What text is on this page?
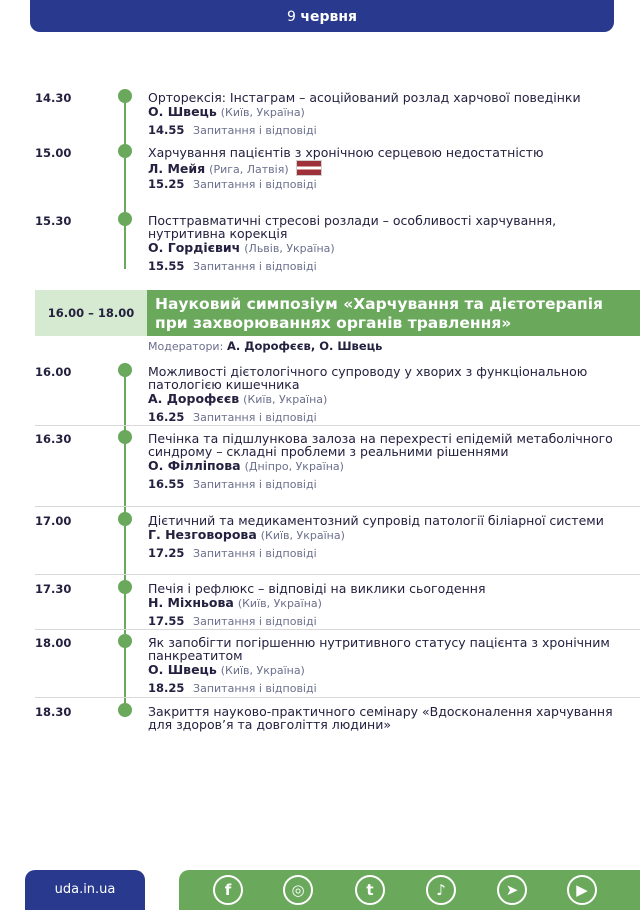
9 червня
14.30	Орторексія: Інстаграм – асоційований розлад харчової поведінки
О. Швець (Київ, Україна)
14.55 Запитання і відповіді
15.00	Харчування пацієнтів з хронічною серцевою недостатністю
Л. Мейя (Рига, Латвія)
15.25 Запитання і відповіді
15.30	Посттравматичні стресові розлади – особливості харчування, нутритивна корекція
О. Гордієвич (Львів, Україна)
15.55 Запитання і відповіді
16.00 – 18.00	Науковий симпозіум «Харчування та дієтотерапія при захворюваннях органів травлення»
Модератори: А. Дорофєєв, О. Швець
16.00	Можливості дієтологічного супроводу у хворих з функціональною патологією кишечника
А. Дорофєєв (Київ, Україна)
16.25 Запитання і відповіді
16.30	Печінка та підшлункова залоза на перехресті епідемій метаболічного синдрому – складні проблеми з реальними рішеннями
О. Філліпова (Дніпро, Україна)
16.55 Запитання і відповіді
17.00	Дієтичний та медикаментозний супровід патології біліарної системи
Г. Незговорова (Київ, Україна)
17.25 Запитання і відповіді
17.30	Печія і рефлюкс – відповіді на виклики сьогодення
Н. Міхньова (Київ, Україна)
17.55 Запитання і відповіді
18.00	Як запобігти погіршенню нутритивного статусу пацієнта з хронічним панкреатитом
О. Швець (Київ, Україна)
18.25 Запитання і відповіді
18.30	Закриття науково-практичного семінару «Вдосконалення харчування для здоров’я та довголіття людини»
uda.in.ua	f	◎	t	♪	➤	▶
